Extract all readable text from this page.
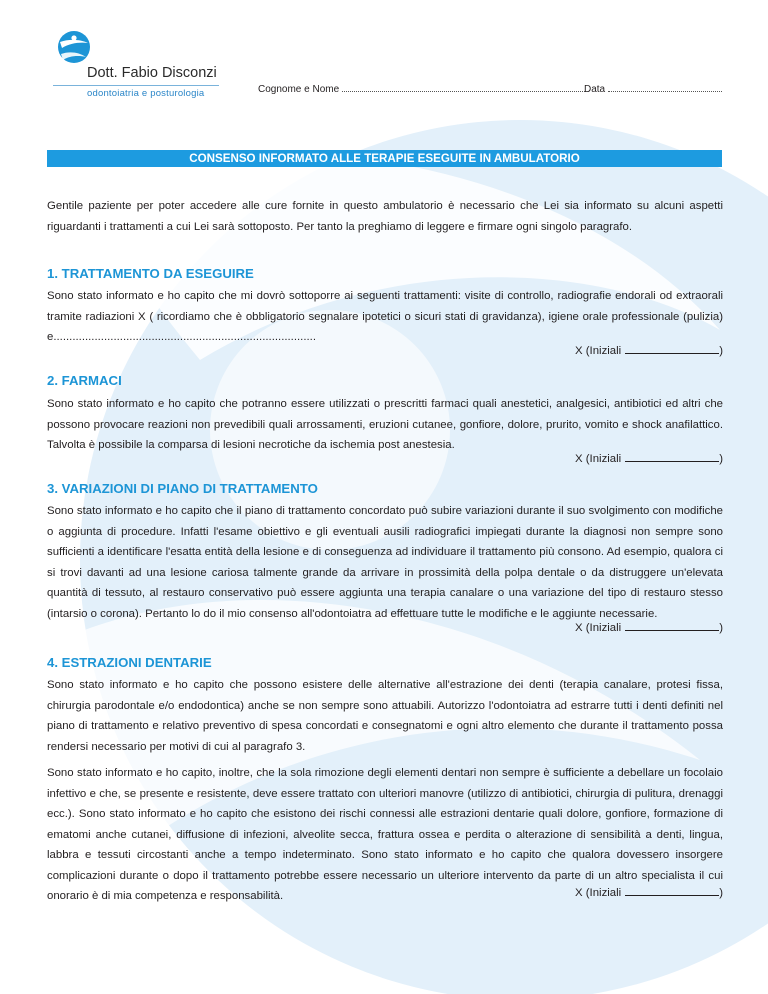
Dott. Fabio Disconzi
odontoiatria e posturologia	Cognome e Nome	Data
CONSENSO INFORMATO ALLE TERAPIE ESEGUITE IN AMBULATORIO
Gentile paziente per poter accedere alle cure fornite in questo ambulatorio è necessario che Lei sia informato su alcuni aspetti riguardanti i trattamenti a cui Lei sarà sottoposto. Per tanto la preghiamo di leggere e firmare ogni singolo paragrafo.
1. TRATTAMENTO DA ESEGUIRE
Sono stato informato e ho capito che mi dovrò sottoporre ai seguenti trattamenti: visite di controllo, radiografie endorali od extraorali tramite radiazioni X ( ricordiamo che è obbligatorio segnalare ipotetici o sicuri stati di gravidanza), igiene orale professionale (pulizia) e...................................................................................
X (Iniziali	)
2. FARMACI
Sono stato informato e ho capito che potranno essere utilizzati o prescritti farmaci quali anestetici, analgesici, antibiotici ed altri che possono provocare reazioni non prevedibili quali arrossamenti, eruzioni cutanee, gonfiore, dolore, prurito, vomito e shock anafilattico. Talvolta è possibile la comparsa di lesioni necrotiche da ischemia post anestesia.
X (Iniziali	)
3. VARIAZIONI DI PIANO DI TRATTAMENTO
Sono stato informato e ho capito che il piano di trattamento concordato può subire variazioni durante il suo svolgimento con modifiche o aggiunta di procedure. Infatti l'esame obiettivo e gli eventuali ausili radiografici impiegati durante la diagnosi non sempre sono sufficienti a identificare l'esatta entità della lesione e di conseguenza ad individuare il trattamento più consono. Ad esempio, qualora ci si trovi davanti ad una lesione cariosa talmente grande da arrivare in prossimità della polpa dentale o da distruggere un'elevata quantità di tessuto, al restauro conservativo può essere aggiunta una terapia canalare o una variazione del tipo di restauro stesso (intarsio o corona). Pertanto lo do il mio consenso all'odontoiatra ad effettuare tutte le modifiche e le aggiunte necessarie.
X (Iniziali	)
4. ESTRAZIONI DENTARIE
Sono stato informato e ho capito che possono esistere delle alternative all'estrazione dei denti (terapia canalare, protesi fissa, chirurgia parodontale e/o endodontica) anche se non sempre sono attuabili. Autorizzo l'odontoiatra ad estrarre tutti i denti definiti nel piano di trattamento e relativo preventivo di spesa concordati e consegnatomi e ogni altro elemento che durante il trattamento possa rendersi necessario per motivi di cui al paragrafo 3.
Sono stato informato e ho capito, inoltre, che la sola rimozione degli elementi dentari non sempre è sufficiente a debellare un focolaio infettivo e che, se presente e resistente, deve essere trattato con ulteriori manovre (utilizzo di antibiotici, chirurgia di pulitura, drenaggi ecc.). Sono stato informato e ho capito che esistono dei rischi connessi alle estrazioni dentarie quali dolore, gonfiore, formazione di ematomi anche cutanei, diffusione di infezioni, alveolite secca, frattura ossea e perdita o alterazione di sensibilità a denti, lingua, labbra e tessuti circostanti anche a tempo indeterminato. Sono stato informato e ho capito che qualora dovessero insorgere complicazioni durante o dopo il trattamento potrebbe essere necessario un ulteriore intervento da parte di un altro specialista il cui onorario è di mia competenza e responsabilità.	X (Iniziali	)
